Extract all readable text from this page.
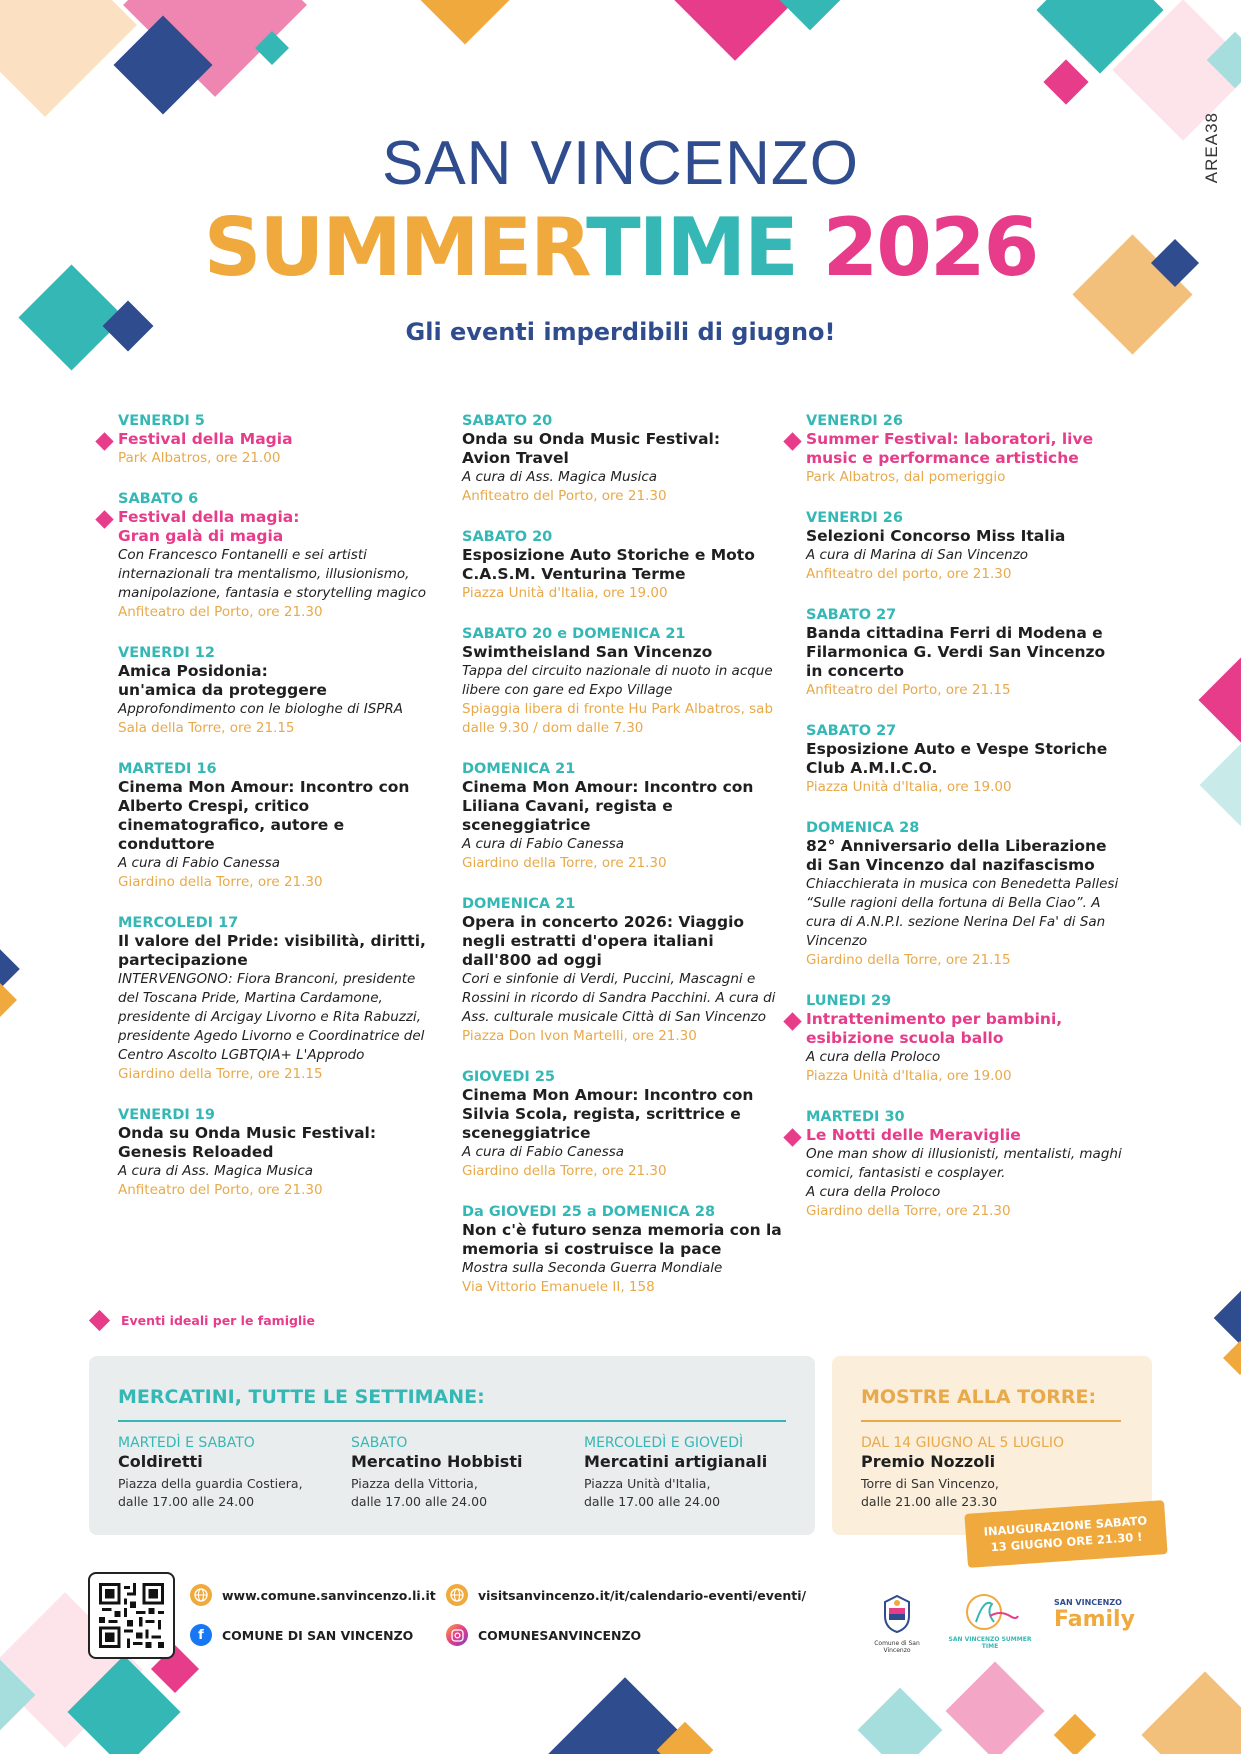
AREA38
SAN VINCENZO
SUMMERTIME 2026
Gli eventi imperdibili di giugno!
VENERDI 5
Festival della Magia
Park Albatros, ore 21.00
SABATO 6
Festival della magia:
Gran galà di magia
Con Francesco Fontanelli e sei artisti internazionali tra mentalismo, illusionismo, manipolazione, fantasia e storytelling magico
Anfiteatro del Porto, ore 21.30
VENERDI 12
Amica Posidonia:
un'amica da proteggere
Approfondimento con le biologhe di ISPRA
Sala della Torre, ore 21.15
MARTEDI 16
Cinema Mon Amour: Incontro con Alberto Crespi, critico cinematografico, autore e conduttore
A cura di Fabio Canessa
Giardino della Torre, ore 21.30
MERCOLEDI 17
Il valore del Pride: visibilità, diritti, partecipazione
INTERVENGONO: Fiora Branconi, presidente del Toscana Pride, Martina Cardamone, presidente di Arcigay Livorno e Rita Rabuzzi, presidente Agedo Livorno e Coordinatrice del Centro Ascolto LGBTQIA+ L'Approdo
Giardino della Torre, ore 21.15
VENERDI 19
Onda su Onda Music Festival:
Genesis Reloaded
A cura di Ass. Magica Musica
Anfiteatro del Porto, ore 21.30
SABATO 20
Onda su Onda Music Festival:
Avion Travel
A cura di Ass. Magica Musica
Anfiteatro del Porto, ore 21.30
SABATO 20
Esposizione Auto Storiche e Moto C.A.S.M. Venturina Terme
Piazza Unità d'Italia, ore 19.00
SABATO 20 e DOMENICA 21
Swimtheisland San Vincenzo
Tappa del circuito nazionale di nuoto in acque libere con gare ed Expo Village
Spiaggia libera di fronte Hu Park Albatros, sab dalle 9.30 / dom dalle 7.30
DOMENICA 21
Cinema Mon Amour: Incontro con Liliana Cavani, regista e sceneggiatrice
A cura di Fabio Canessa
Giardino della Torre, ore 21.30
DOMENICA 21
Opera in concerto 2026: Viaggio negli estratti d'opera italiani dall'800 ad oggi
Cori e sinfonie di Verdi, Puccini, Mascagni e Rossini in ricordo di Sandra Pacchini. A cura di Ass. culturale musicale Città di San Vincenzo
Piazza Don Ivon Martelli, ore 21.30
GIOVEDI 25
Cinema Mon Amour: Incontro con Silvia Scola, regista, scrittrice e sceneggiatrice
A cura di Fabio Canessa
Giardino della Torre, ore 21.30
Da GIOVEDI 25 a DOMENICA 28
Non c'è futuro senza memoria con la memoria si costruisce la pace
Mostra sulla Seconda Guerra Mondiale
Via Vittorio Emanuele II, 158
VENERDI 26
Summer Festival: laboratori, live music e performance artistiche
Park Albatros, dal pomeriggio
VENERDI 26
Selezioni Concorso Miss Italia
A cura di Marina di San Vincenzo
Anfiteatro del porto, ore 21.30
SABATO 27
Banda cittadina Ferri di Modena e Filarmonica G. Verdi San Vincenzo in concerto
Anfiteatro del Porto, ore 21.15
SABATO 27
Esposizione Auto e Vespe Storiche Club A.M.I.C.O.
Piazza Unità d'Italia, ore 19.00
DOMENICA 28
82° Anniversario della Liberazione di San Vincenzo dal nazifascismo
Chiacchierata in musica con Benedetta Pallesi “Sulle ragioni della fortuna di Bella Ciao”. A cura di A.N.P.I. sezione Nerina Del Fa' di San Vincenzo
Giardino della Torre, ore 21.15
LUNEDI 29
Intrattenimento per bambini, esibizione scuola ballo
A cura della Proloco
Piazza Unità d'Italia, ore 19.00
MARTEDI 30
Le Notti delle Meraviglie
One man show di illusionisti, mentalisti, maghi comici, fantasisti e cosplayer.
A cura della Proloco
Giardino della Torre, ore 21.30
Eventi ideali per le famiglie
MERCATINI, TUTTE LE SETTIMANE:
MARTEDÌ E SABATO
Coldiretti
Piazza della guardia Costiera,
dalle 17.00 alle 24.00
SABATO
Mercatino Hobbisti
Piazza della Vittoria,
dalle 17.00 alle 24.00
MERCOLEDÌ E GIOVEDÌ
Mercatini artigianali
Piazza Unità d'Italia,
dalle 17.00 alle 24.00
MOSTRE ALLA TORRE:
DAL 14 GIUGNO AL 5 LUGLIO
Premio Nozzoli
Torre di San Vincenzo,
dalle 21.00 alle 23.30
INAUGURAZIONE SABATO
13 GIUGNO ORE 21.30 !
www.comune.sanvincenzo.li.it	visitsanvincenzo.it/it/calendario-eventi/eventi/
f	COMUNE DI SAN VINCENZO	COMUNESANVINCENZO
Comune di San Vincenzo
SAN VINCENZO SUMMER TIME
SAN VINCENZO
Family
